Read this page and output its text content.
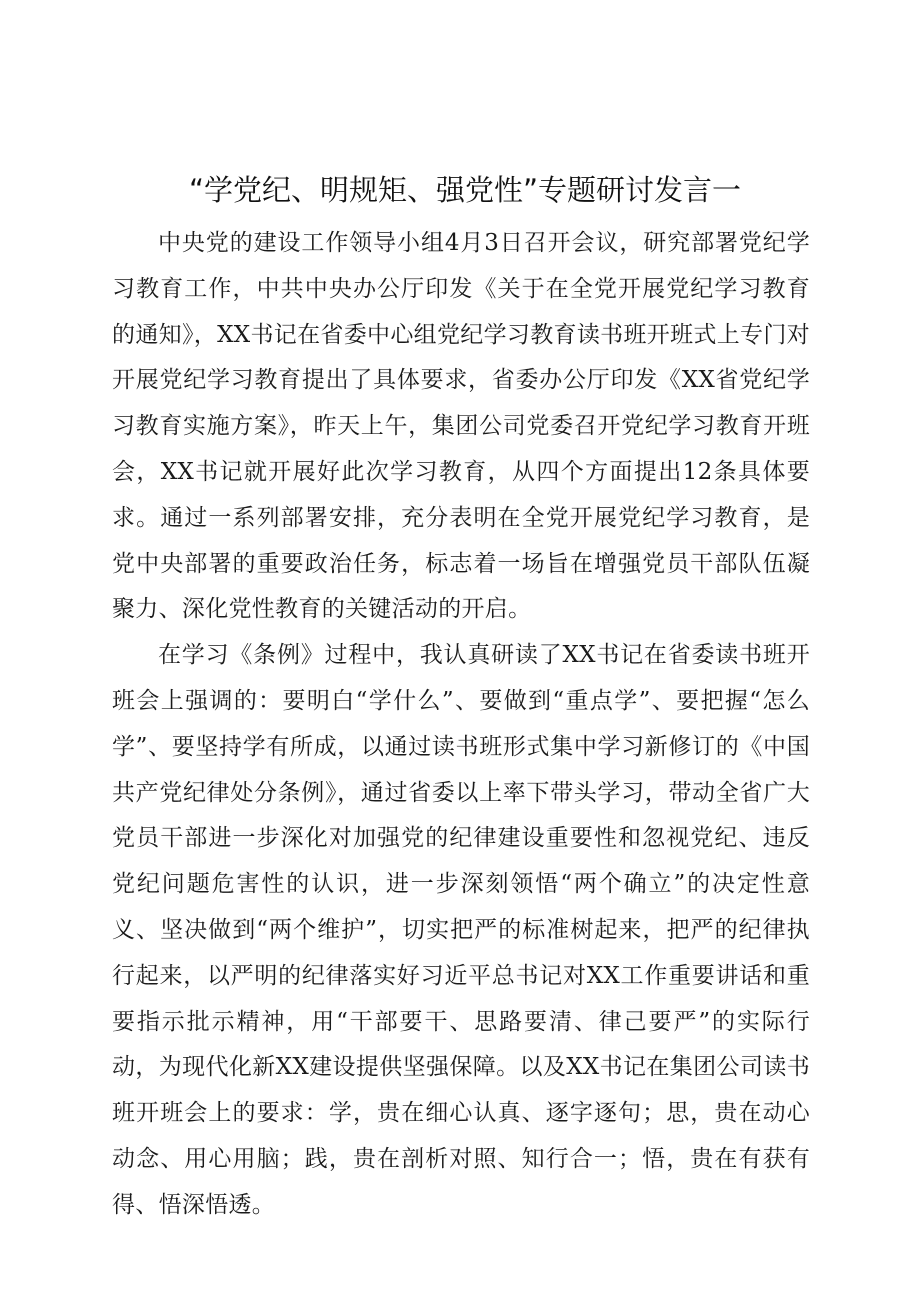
“学党纪、明规矩、强党性”专题研讨发言一

中央党的建设工作领导小组4月3日召开会议，研究部署党纪学习教育工作，中共中央办公厅印发《关于在全党开展党纪学习教育的通知》，XX书记在省委中心组党纪学习教育读书班开班式上专门对开展党纪学习教育提出了具体要求，省委办公厅印发《XX省党纪学习教育实施方案》，昨天上午，集团公司党委召开党纪学习教育开班会，XX书记就开展好此次学习教育，从四个方面提出12条具体要求。通过一系列部署安排，充分表明在全党开展党纪学习教育，是党中央部署的重要政治任务，标志着一场旨在增强党员干部队伍凝聚力、深化党性教育的关键活动的开启。

在学习《条例》过程中，我认真研读了XX书记在省委读书班开班会上强调的：要明白“学什么”、要做到“重点学”、要把握“怎么学”、要坚持学有所成，以通过读书班形式集中学习新修订的《中国共产党纪律处分条例》，通过省委以上率下带头学习，带动全省广大党员干部进一步深化对加强党的纪律建设重要性和忽视党纪、违反党纪问题危害性的认识，进一步深刻领悟“两个确立”的决定性意义、坚决做到“两个维护”，切实把严的标准树起来，把严的纪律执行起来，以严明的纪律落实好习近平总书记对XX工作重要讲话和重要指示批示精神，用“干部要干、思路要清、律己要严”的实际行动，为现代化新XX建设提供坚强保障。以及XX书记在集团公司读书班开班会上的要求：学，贵在细心认真、逐字逐句；思，贵在动心动念、用心用脑；践，贵在剖析对照、知行合一；悟，贵在有获有得、悟深悟透。
